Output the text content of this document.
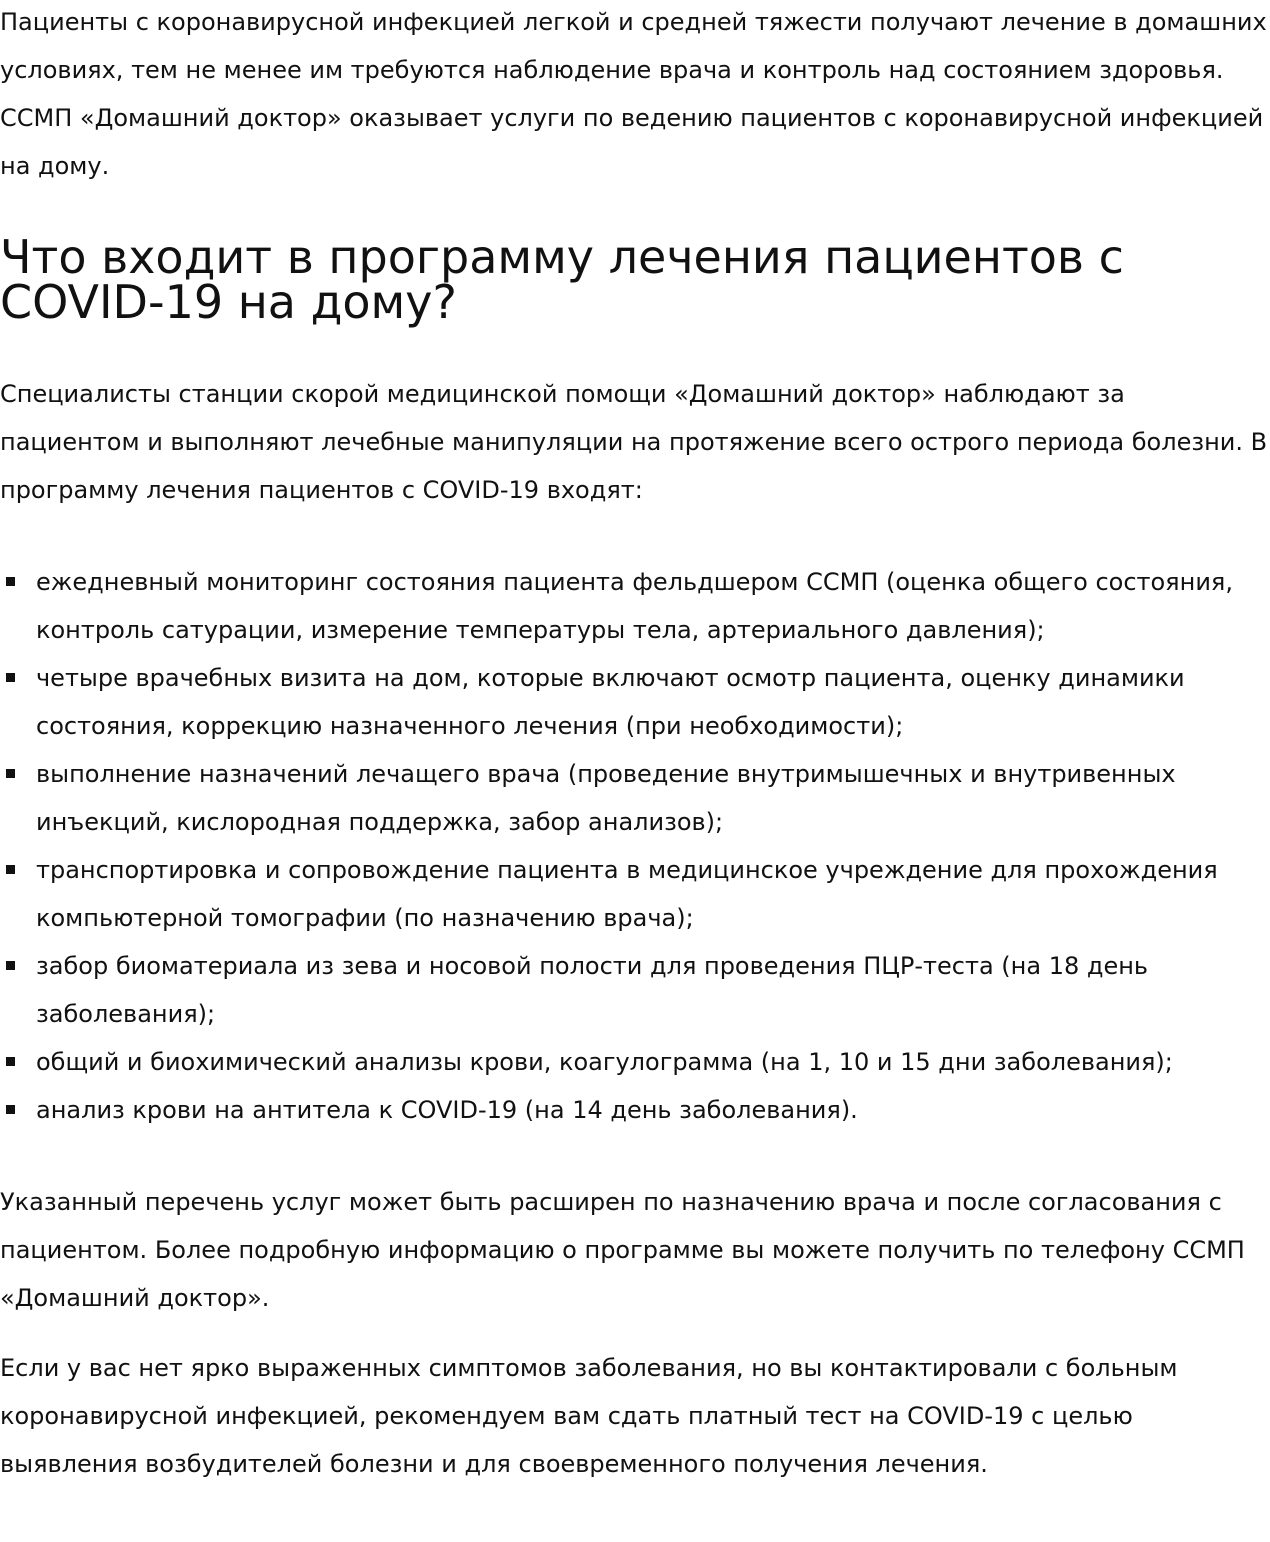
Пациенты с коронавирусной инфекцией легкой и средней тяжести получают лечение в домашних условиях, тем не менее им требуются наблюдение врача и контроль над состоянием здоровья. ССМП «Домашний доктор» оказывает услуги по ведению пациентов с коронавирусной инфекцией на дому.

Что входит в программу лечения пациентов с COVID-19 на дому?

Специалисты станции скорой медицинской помощи «Домашний доктор» наблюдают за пациентом и выполняют лечебные манипуляции на протяжение всего острого периода болезни. В программу лечения пациентов с COVID-19 входят:

ежедневный мониторинг состояния пациента фельдшером ССМП (оценка общего состояния, контроль сатурации, измерение температуры тела, артериального давления);
четыре врачебных визита на дом, которые включают осмотр пациента, оценку динамики состояния, коррекцию назначенного лечения (при необходимости);
выполнение назначений лечащего врача (проведение внутримышечных и внутривенных инъекций, кислородная поддержка, забор анализов);
транспортировка и сопровождение пациента в медицинское учреждение для прохождения компьютерной томографии (по назначению врача);
забор биоматериала из зева и носовой полости для проведения ПЦР-теста (на 18 день заболевания);
общий и биохимический анализы крови, коагулограмма (на 1, 10 и 15 дни заболевания);
анализ крови на антитела к COVID-19 (на 14 день заболевания).

Указанный перечень услуг может быть расширен по назначению врача и после согласования с пациентом. Более подробную информацию о программе вы можете получить по телефону ССМП «Домашний доктор».

Если у вас нет ярко выраженных симптомов заболевания, но вы контактировали с больным коронавирусной инфекцией, рекомендуем вам сдать платный тест на COVID-19 с целью выявления возбудителей болезни и для своевременного получения лечения.
